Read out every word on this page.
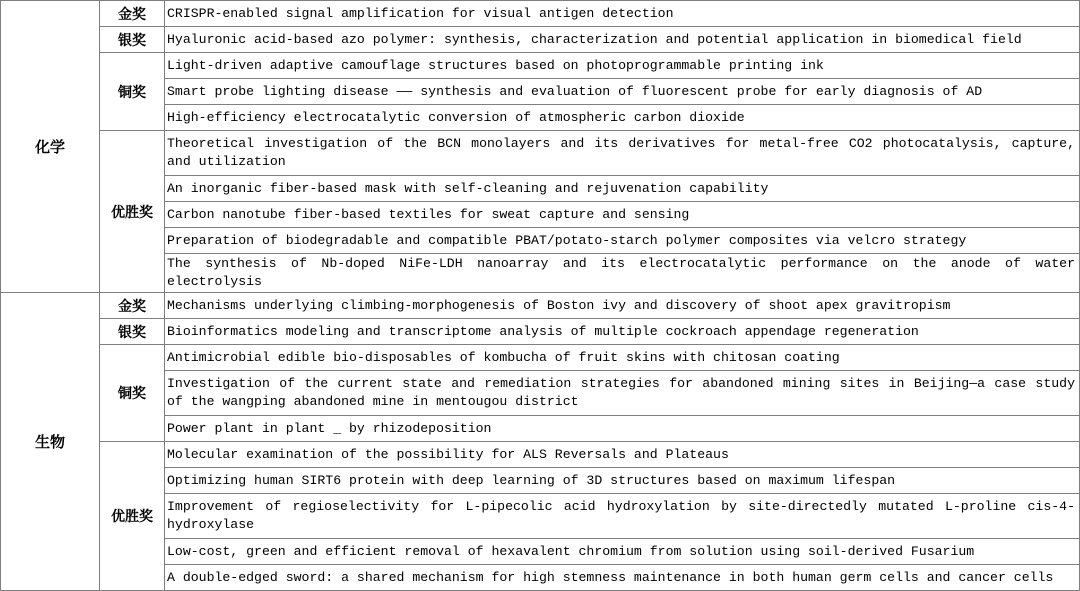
化学	金奖	CRISPR-enabled signal amplification for visual antigen detection
	银奖	Hyaluronic acid-based azo polymer: synthesis, characterization and potential application in biomedical field
	铜奖	Light-driven adaptive camouflage structures based on photoprogrammable printing ink
		Smart probe lighting disease —— synthesis and evaluation of fluorescent probe for early diagnosis of AD
		High-efficiency electrocatalytic conversion of atmospheric carbon dioxide
	优胜奖	Theoretical investigation of the BCN monolayers and its derivatives for metal-free CO2 photocatalysis, capture, and utilization
		An inorganic fiber-based mask with self-cleaning and rejuvenation capability
		Carbon nanotube fiber-based textiles for sweat capture and sensing
		Preparation of biodegradable and compatible PBAT/potato-starch polymer composites via velcro strategy
		The synthesis of Nb-doped NiFe-LDH nanoarray and its electrocatalytic performance on the anode of water electrolysis
生物	金奖	Mechanisms underlying climbing-morphogenesis of Boston ivy and discovery of shoot apex gravitropism
	银奖	Bioinformatics modeling and transcriptome analysis of multiple cockroach appendage regeneration
	铜奖	Antimicrobial edible bio-disposables of kombucha of fruit skins with chitosan coating
		Investigation of the current state and remediation strategies for abandoned mining sites in Beijing—a case study of the wangping abandoned mine in mentougou district
		Power plant in plant _ by rhizodeposition
	优胜奖	Molecular examination of the possibility for ALS Reversals and Plateaus
		Optimizing human SIRT6 protein with deep learning of 3D structures based on maximum lifespan
		Improvement of regioselectivity for L-pipecolic acid hydroxylation by site-directedly mutated L-proline cis-4-hydroxylase
		Low-cost, green and efficient removal of hexavalent chromium from solution using soil-derived Fusarium
		A double-edged sword: a shared mechanism for high stemness maintenance in both human germ cells and cancer cells
